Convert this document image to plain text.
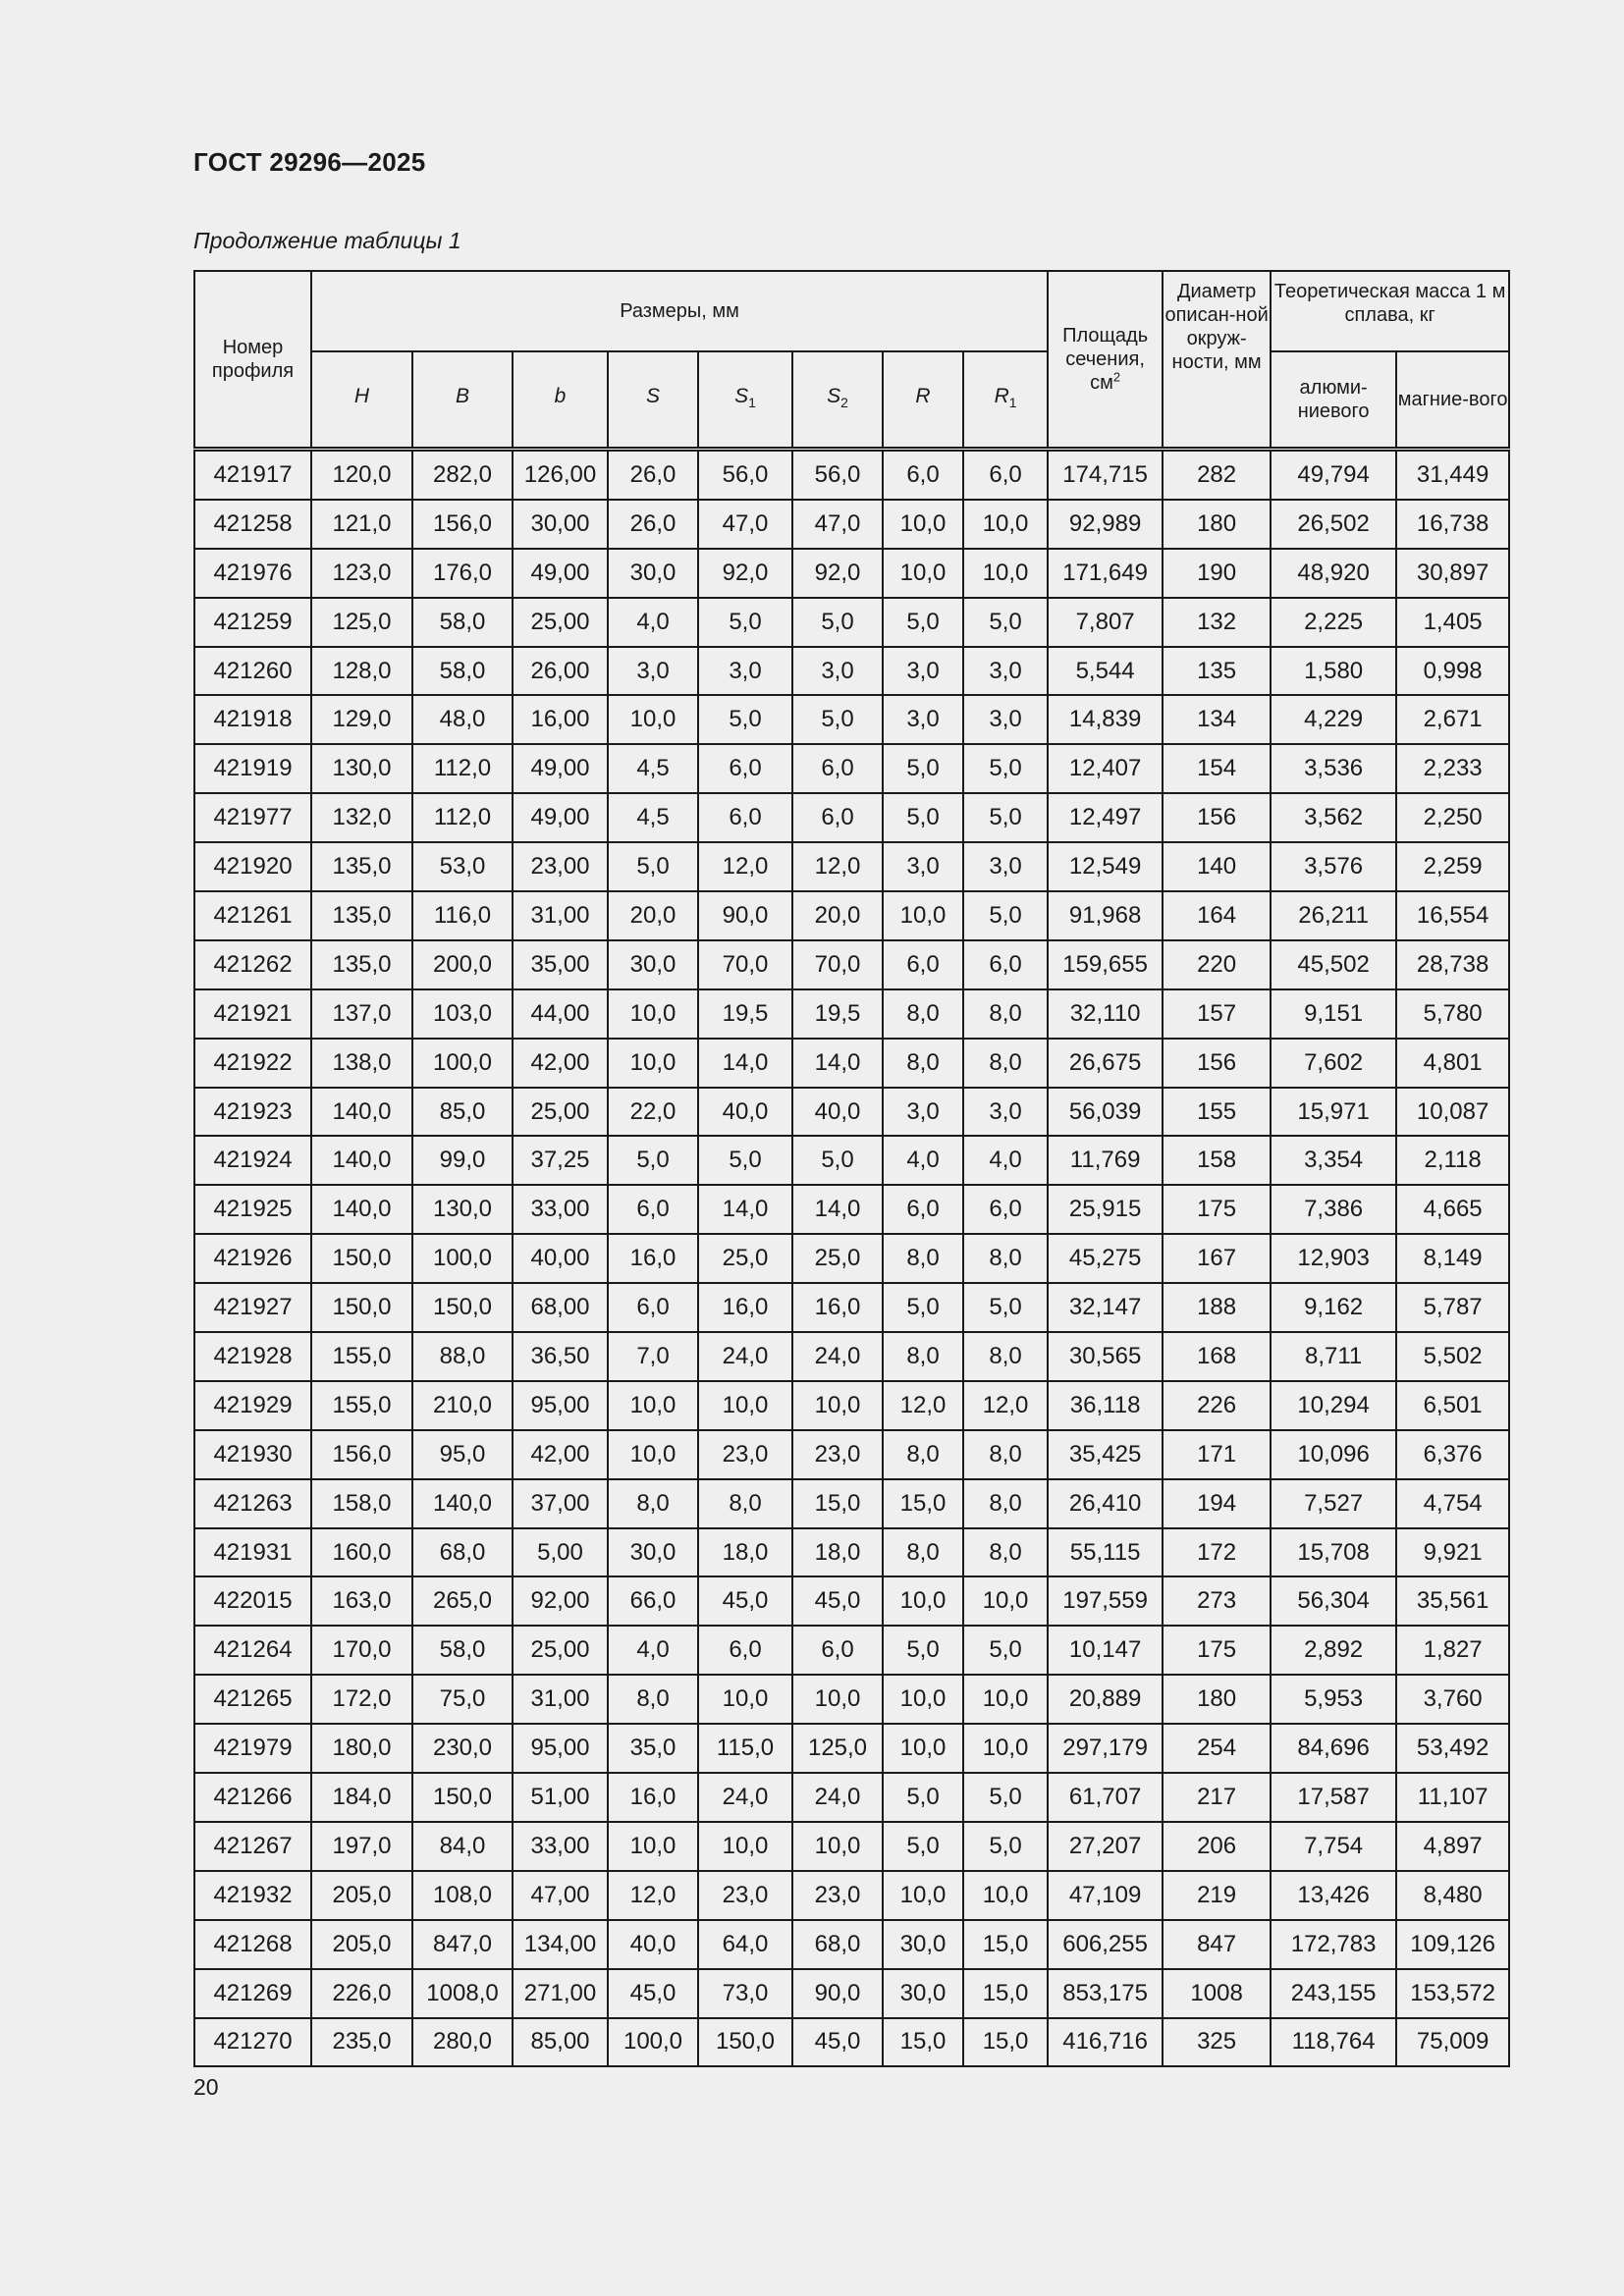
ГОСТ 29296—2025
Продолжение таблицы 1
Номер профиля	Размеры, мм								Площадь сечения, $см^2$	Диаметр описан-ной окруж-ности, мм	Теоретическая масса 1 м сплава, кг	
	H	B	b	S	$S_1$	$S_2$	R	$R_1$			алюми-ниевого	магние-вого
421917	120,0	282,0	126,00	26,0	56,0	56,0	6,0	6,0	174,715	282	49,794	31,449
421258	121,0	156,0	30,00	26,0	47,0	47,0	10,0	10,0	92,989	180	26,502	16,738
421976	123,0	176,0	49,00	30,0	92,0	92,0	10,0	10,0	171,649	190	48,920	30,897
421259	125,0	58,0	25,00	4,0	5,0	5,0	5,0	5,0	7,807	132	2,225	1,405
421260	128,0	58,0	26,00	3,0	3,0	3,0	3,0	3,0	5,544	135	1,580	0,998
421918	129,0	48,0	16,00	10,0	5,0	5,0	3,0	3,0	14,839	134	4,229	2,671
421919	130,0	112,0	49,00	4,5	6,0	6,0	5,0	5,0	12,407	154	3,536	2,233
421977	132,0	112,0	49,00	4,5	6,0	6,0	5,0	5,0	12,497	156	3,562	2,250
421920	135,0	53,0	23,00	5,0	12,0	12,0	3,0	3,0	12,549	140	3,576	2,259
421261	135,0	116,0	31,00	20,0	90,0	20,0	10,0	5,0	91,968	164	26,211	16,554
421262	135,0	200,0	35,00	30,0	70,0	70,0	6,0	6,0	159,655	220	45,502	28,738
421921	137,0	103,0	44,00	10,0	19,5	19,5	8,0	8,0	32,110	157	9,151	5,780
421922	138,0	100,0	42,00	10,0	14,0	14,0	8,0	8,0	26,675	156	7,602	4,801
421923	140,0	85,0	25,00	22,0	40,0	40,0	3,0	3,0	56,039	155	15,971	10,087
421924	140,0	99,0	37,25	5,0	5,0	5,0	4,0	4,0	11,769	158	3,354	2,118
421925	140,0	130,0	33,00	6,0	14,0	14,0	6,0	6,0	25,915	175	7,386	4,665
421926	150,0	100,0	40,00	16,0	25,0	25,0	8,0	8,0	45,275	167	12,903	8,149
421927	150,0	150,0	68,00	6,0	16,0	16,0	5,0	5,0	32,147	188	9,162	5,787
421928	155,0	88,0	36,50	7,0	24,0	24,0	8,0	8,0	30,565	168	8,711	5,502
421929	155,0	210,0	95,00	10,0	10,0	10,0	12,0	12,0	36,118	226	10,294	6,501
421930	156,0	95,0	42,00	10,0	23,0	23,0	8,0	8,0	35,425	171	10,096	6,376
421263	158,0	140,0	37,00	8,0	8,0	15,0	15,0	8,0	26,410	194	7,527	4,754
421931	160,0	68,0	5,00	30,0	18,0	18,0	8,0	8,0	55,115	172	15,708	9,921
422015	163,0	265,0	92,00	66,0	45,0	45,0	10,0	10,0	197,559	273	56,304	35,561
421264	170,0	58,0	25,00	4,0	6,0	6,0	5,0	5,0	10,147	175	2,892	1,827
421265	172,0	75,0	31,00	8,0	10,0	10,0	10,0	10,0	20,889	180	5,953	3,760
421979	180,0	230,0	95,00	35,0	115,0	125,0	10,0	10,0	297,179	254	84,696	53,492
421266	184,0	150,0	51,00	16,0	24,0	24,0	5,0	5,0	61,707	217	17,587	11,107
421267	197,0	84,0	33,00	10,0	10,0	10,0	5,0	5,0	27,207	206	7,754	4,897
421932	205,0	108,0	47,00	12,0	23,0	23,0	10,0	10,0	47,109	219	13,426	8,480
421268	205,0	847,0	134,00	40,0	64,0	68,0	30,0	15,0	606,255	847	172,783	109,126
421269	226,0	1008,0	271,00	45,0	73,0	90,0	30,0	15,0	853,175	1008	243,155	153,572
421270	235,0	280,0	85,00	100,0	150,0	45,0	15,0	15,0	416,716	325	118,764	75,009
20
